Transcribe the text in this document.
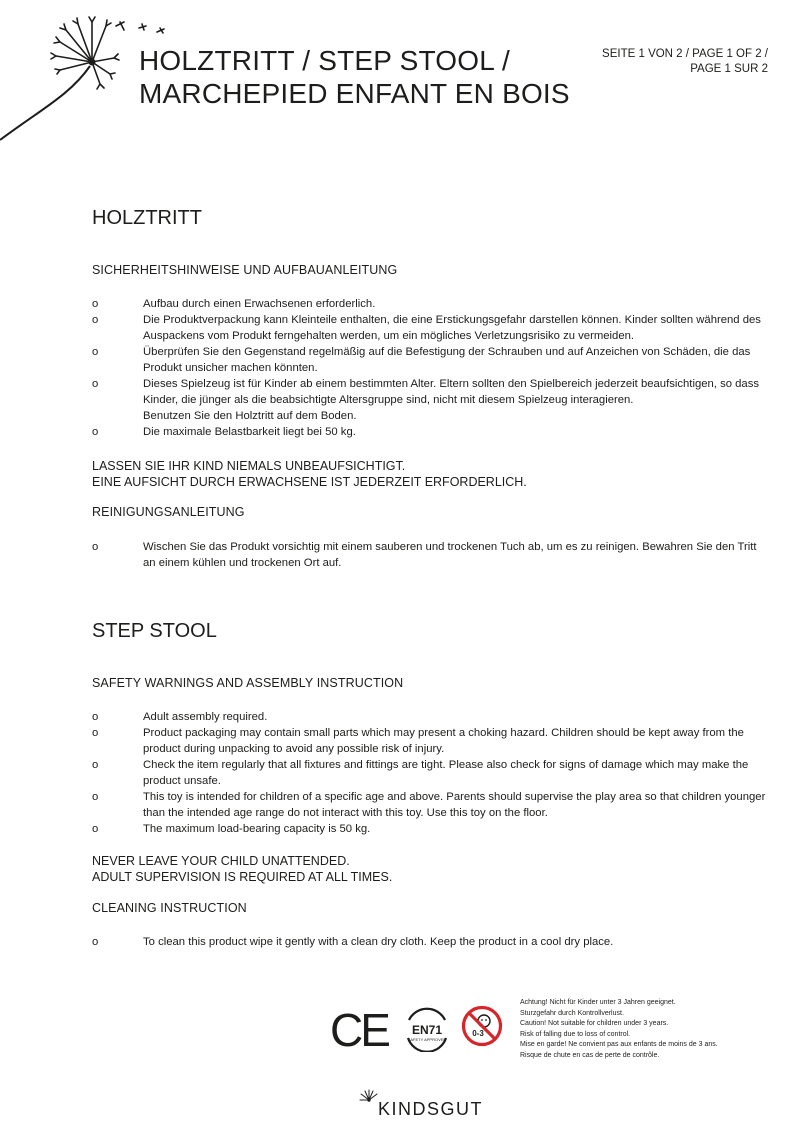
HOLZTRITT / STEP STOOL /
MARCHEPIED ENFANT EN BOIS
SEITE 1 VON 2 / PAGE 1 OF 2 /
PAGE 1 SUR 2
HOLZTRITT
SICHERHEITSHINWEISE UND AUFBAUANLEITUNG
o	Aufbau durch einen Erwachsenen erforderlich.
o	Die Produktverpackung kann Kleinteile enthalten, die eine Erstickungsgefahr darstellen können. Kinder sollten während des Auspackens vom Produkt ferngehalten werden, um ein mögliches Verletzungsrisiko zu vermeiden.
o	Überprüfen Sie den Gegenstand regelmäßig auf die Befestigung der Schrauben und auf Anzeichen von Schäden, die das Produkt unsicher machen könnten.
o	Dieses Spielzeug ist für Kinder ab einem bestimmten Alter. Eltern sollten den Spielbereich jederzeit beaufsichtigen, so dass Kinder, die jünger als die beabsichtigte Altersgruppe sind, nicht mit diesem Spielzeug interagieren.
Benutzen Sie den Holztritt auf dem Boden.
o	Die maximale Belastbarkeit liegt bei 50 kg.
LASSEN SIE IHR KIND NIEMALS UNBEAUFSICHTIGT.
EINE AUFSICHT DURCH ERWACHSENE IST JEDERZEIT ERFORDERLICH.
REINIGUNGSANLEITUNG
o	Wischen Sie das Produkt vorsichtig mit einem sauberen und trockenen Tuch ab, um es zu reinigen. Bewahren Sie den Tritt an einem kühlen und trockenen Ort auf.
STEP STOOL
SAFETY WARNINGS AND ASSEMBLY INSTRUCTION
o	Adult assembly required.
o	Product packaging may contain small parts which may present a choking hazard. Children should be kept away from the product during unpacking to avoid any possible risk of injury.
o	Check the item regularly that all fixtures and fittings are tight. Please also check for signs of damage which may make the product unsafe.
o	This toy is intended for children of a specific age and above. Parents should supervise the play area so that children younger than the intended age range do not interact with this toy. Use this toy on the floor.
o	The maximum load-bearing capacity is 50 kg.
NEVER LEAVE YOUR CHILD UNATTENDED.
ADULT SUPERVISION IS REQUIRED AT ALL TIMES.
CLEANING INSTRUCTION
o	To clean this product wipe it gently with a clean dry cloth. Keep the product in a cool dry place.
CE EN71
SAFETY APPROVED
0-3
Achtung! Nicht für Kinder unter 3 Jahren geeignet.
Sturzgefahr durch Kontrollverlust.
Caution! Not suitable for children under 3 years.
Risk of falling due to loss of control.
Mise en garde! Ne convient pas aux enfants de moins de 3 ans.
Risque de chute en cas de perte de contrôle.
KINDSGUT
